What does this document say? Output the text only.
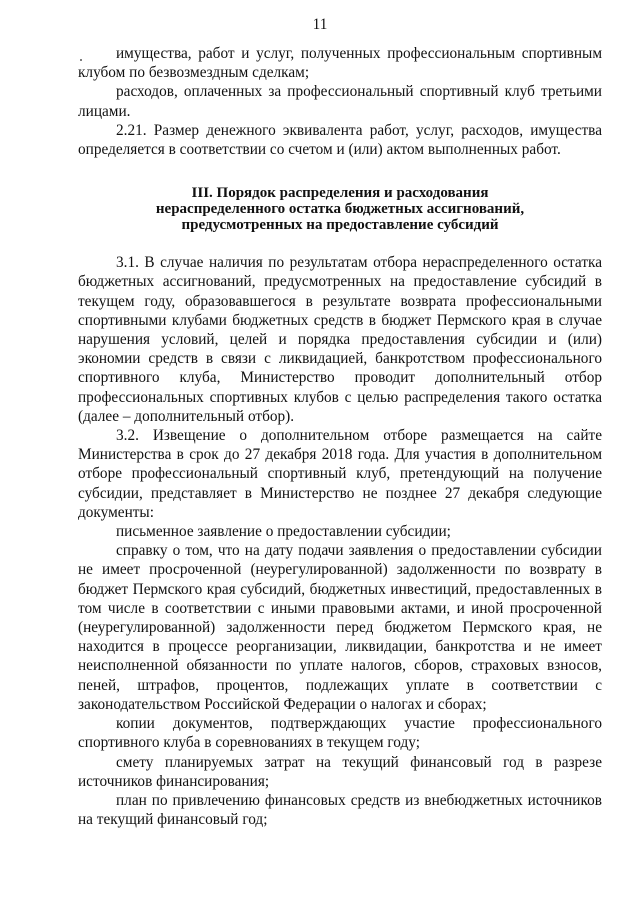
11

имущества, работ и услуг, полученных профессиональным спортивным клубом по безвозмездным сделкам;

расходов, оплаченных за профессиональный спортивный клуб третьими лицами.

2.21. Размер денежного эквивалента работ, услуг, расходов, имущества определяется в соответствии со счетом и (или) актом выполненных работ.

III. Порядок распределения и расходования
нераспределенного остатка бюджетных ассигнований,
предусмотренных на предоставление субсидий

3.1. В случае наличия по результатам отбора нераспределенного остатка бюджетных ассигнований, предусмотренных на предоставление субсидий в текущем году, образовавшегося в результате возврата профессиональными спортивными клубами бюджетных средств в бюджет Пермского края в случае нарушения условий, целей и порядка предоставления субсидии и (или) экономии средств в связи с ликвидацией, банкротством профессионального спортивного клуба, Министерство проводит дополнительный отбор профессиональных спортивных клубов с целью распределения такого остатка (далее – дополнительный отбор).

3.2. Извещение о дополнительном отборе размещается на сайте Министерства в срок до 27 декабря 2018 года. Для участия в дополнительном отборе профессиональный спортивный клуб, претендующий на получение субсидии, представляет в Министерство не позднее 27 декабря следующие документы:

письменное заявление о предоставлении субсидии;

справку о том, что на дату подачи заявления о предоставлении субсидии не имеет просроченной (неурегулированной) задолженности по возврату в бюджет Пермского края субсидий, бюджетных инвестиций, предоставленных в том числе в соответствии с иными правовыми актами, и иной просроченной (неурегулированной) задолженности перед бюджетом Пермского края, не находится в процессе реорганизации, ликвидации, банкротства и не имеет неисполненной обязанности по уплате налогов, сборов, страховых взносов, пеней, штрафов, процентов, подлежащих уплате в соответствии с законодательством Российской Федерации о налогах и сборах;

копии документов, подтверждающих участие профессионального спортивного клуба в соревнованиях в текущем году;

смету планируемых затрат на текущий финансовый год в разрезе источников финансирования;

план по привлечению финансовых средств из внебюджетных источников на текущий финансовый год;
